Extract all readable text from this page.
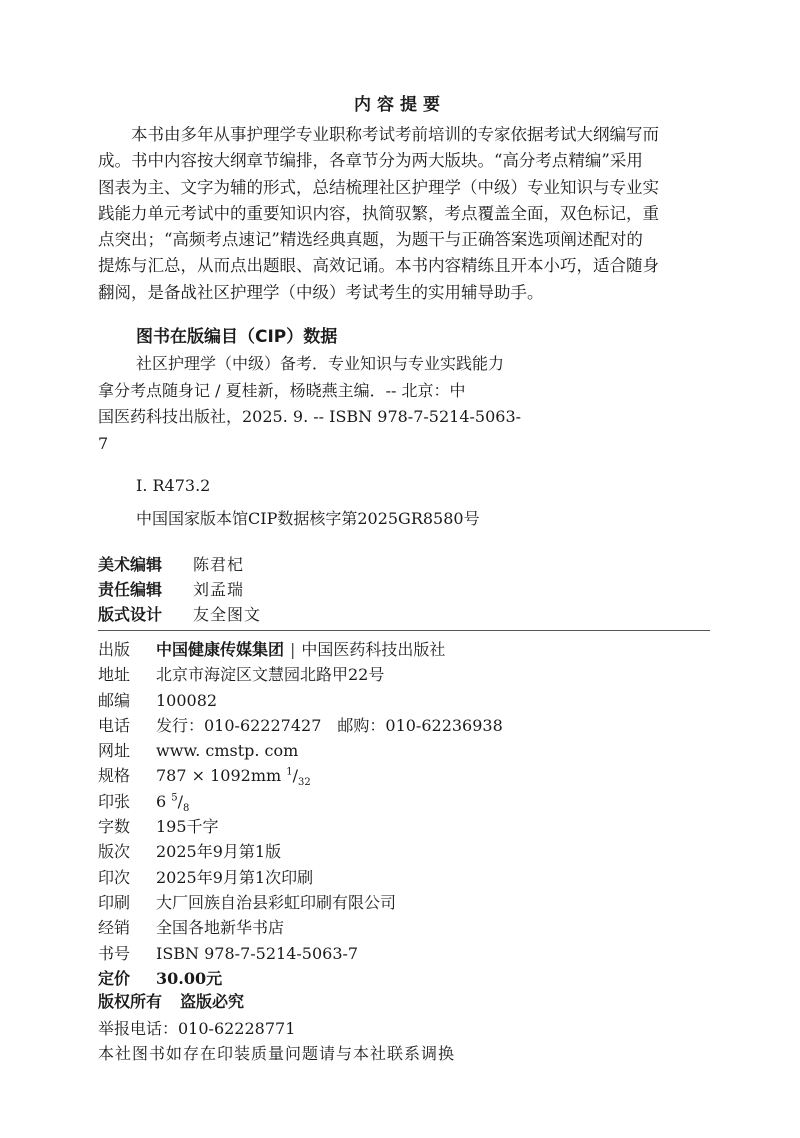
内容提要
本书由多年从事护理学专业职称考试考前培训的专家依据考试大纲编写而
成。书中内容按大纲章节编排，各章节分为两大版块。“高分考点精编”采用
图表为主、文字为辅的形式，总结梳理社区护理学（中级）专业知识与专业实
践能力单元考试中的重要知识内容，执简驭繁，考点覆盖全面，双色标记，重
点突出；“高频考点速记”精选经典真题，为题干与正确答案选项阐述配对的
提炼与汇总，从而点出题眼、高效记诵。本书内容精练且开本小巧，适合随身
翻阅，是备战社区护理学（中级）考试考生的实用辅导助手。
图书在版编目（CIP）数据
社区护理学（中级）备考．专业知识与专业实践能力
拿分考点随身记 / 夏桂新，杨晓燕主编．-- 北京：中
国医药科技出版社，2025. 9. -- ISBN 978-7-5214-5063-
7
Ⅰ. R473.2
中国国家版本馆CIP数据核字第2025GR8580号
美术编辑	陈君杞
责任编辑	刘孟瑞
版式设计	友全图文
出版	中国健康传媒集团 | 中国医药科技出版社
地址	北京市海淀区文慧园北路甲22号
邮编	100082
电话	发行：010-62227427 邮购：010-62236938
网址	www. cmstp. com
规格	787 × 1092mm $^1/_{32}$
印张	6 $^5/_8$
字数	195千字
版次	2025年9月第1版
印次	2025年9月第1次印刷
印刷	大厂回族自治县彩虹印刷有限公司
经销	全国各地新华书店
书号	ISBN 978-7-5214-5063-7
定价	30.00元
版权所有 盗版必究
举报电话：010-62228771
本社图书如存在印装质量问题请与本社联系调换
